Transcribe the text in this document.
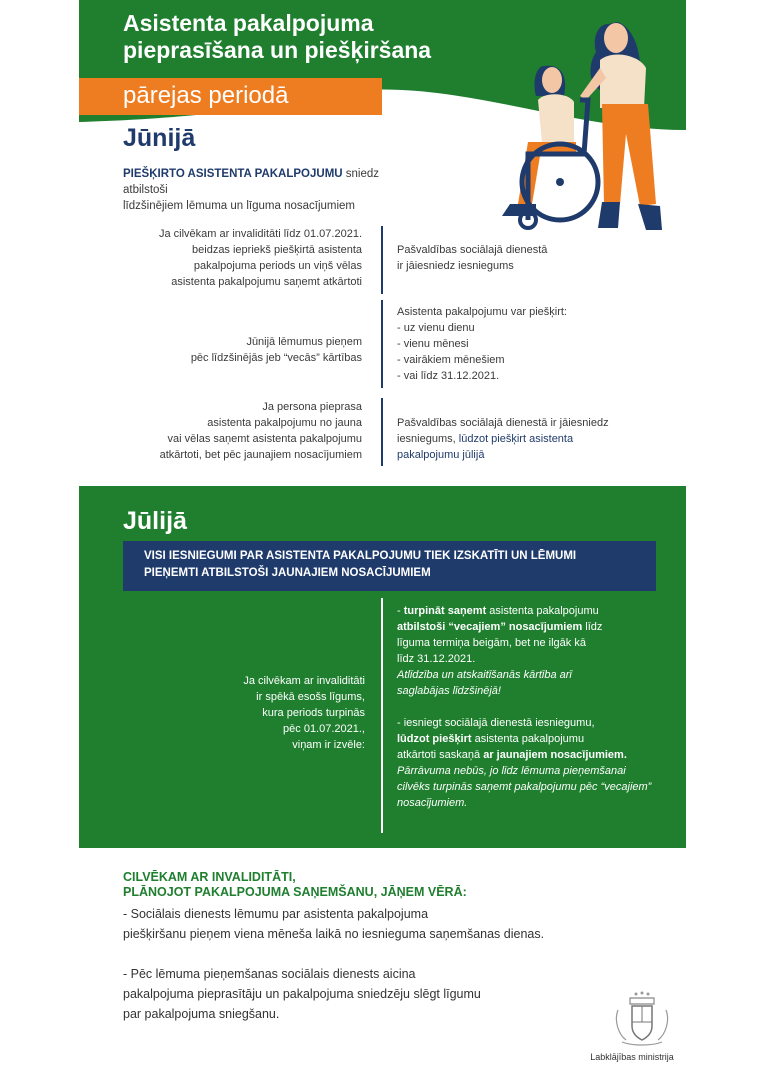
Asistenta pakalpojuma
pieprasīšana un piešķiršana
pārejas periodā
Jūnijā
PIEŠĶIRTO ASISTENTA PAKALPOJUMU sniedz atbilstoši
līdzšinējiem lēmuma un līguma nosacījumiem
Ja cilvēkam ar invaliditāti līdz 01.07.2021.
beidzas iepriekš piešķirtā asistenta
pakalpojuma periods un viņš vēlas
asistenta pakalpojumu saņemt atkārtoti
Pašvaldības sociālajā dienestā
ir jāiesniedz iesniegums
Jūnijā lēmumus pieņem
pēc līdzšinējās jeb “vecās” kārtības
Asistenta pakalpojumu var piešķirt:
- uz vienu dienu
- vienu mēnesi
- vairākiem mēnešiem
- vai līdz 31.12.2021.
Ja persona pieprasa
asistenta pakalpojumu no jauna
vai vēlas saņemt asistenta pakalpojumu
atkārtoti, bet pēc jaunajiem nosacījumiem
Pašvaldības sociālajā dienestā ir jāiesniedz
iesniegums, lūdzot piešķirt asistenta
pakalpojumu jūlijā
Jūlijā
VISI IESNIEGUMI PAR ASISTENTA PAKALPOJUMU TIEK IZSKATĪTI UN LĒMUMI
PIEŅEMTI ATBILSTOŠI JAUNAJIEM NOSACĪJUMIEM
Ja cilvēkam ar invaliditāti
ir spēkā esošs līgums,
kura periods turpinās
pēc 01.07.2021.,
viņam ir izvēle:
- turpināt saņemt asistenta pakalpojumu
atbilstoši “vecajiem” nosacījumiem līdz
līguma termiņa beigām, bet ne ilgāk kā
līdz 31.12.2021.
Atlīdzība un atskaitīšanās kārtība arī
saglabājas līdzšinējā!
- iesniegt sociālajā dienestā iesniegumu,
lūdzot piešķirt asistenta pakalpojumu
atkārtoti saskaņā ar jaunajiem nosacījumiem.
Pārrāvuma nebūs, jo līdz lēmuma pieņemšanai
cilvēks turpinās saņemt pakalpojumu pēc “vecajiem”
nosacījumiem.
CILVĒKAM AR INVALIDITĀTI,
PLĀNOJOT PAKALPOJUMA SAŅEMŠANU, JĀŅEM VĒRĀ:
- Sociālais dienests lēmumu par asistenta pakalpojuma
piešķiršanu pieņem viena mēneša laikā no iesnieguma saņemšanas dienas.
- Pēc lēmuma pieņemšanas sociālais dienests aicina
pakalpojuma pieprasītāju un pakalpojuma sniedzēju slēgt līgumu
par pakalpojuma sniegšanu.
Labklājības ministrija
